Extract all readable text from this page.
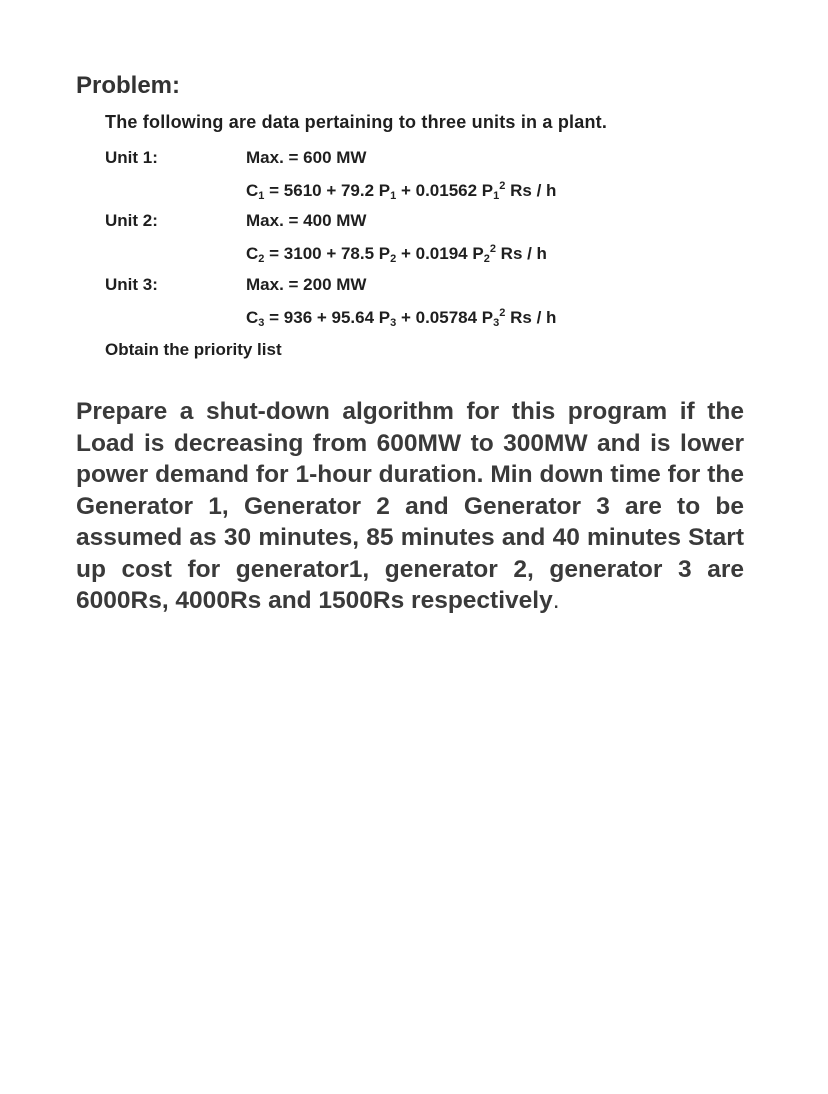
Problem:
The following are data pertaining to three units in a plant.
Unit 1:	Max. = 600 MW
$C_1 = 5610 + 79.2$ $P_1 + 0.01562$ $P_1^2$ Rs / h
Unit 2:	Max. = 400 MW
$C_2 = 3100 + 78.5$ $P_2 + 0.0194$ $P_2^2$ Rs / h
Unit 3:	Max. = 200 MW
$C_3 = 936 + 95.64$ $P_3 + 0.05784$ $P_3^2$ Rs / h
Obtain the priority list
Prepare a shut-down algorithm for this program if the Load is decreasing from 600MW to 300MW and is lower power demand for 1-hour duration. Min down time for the Generator 1, Generator 2 and Generator 3 are to be assumed as 30 minutes, 85 minutes and 40 minutes Start up cost for generator1, generator 2, generator 3 are 6000Rs, 4000Rs and 1500Rs respectively.
